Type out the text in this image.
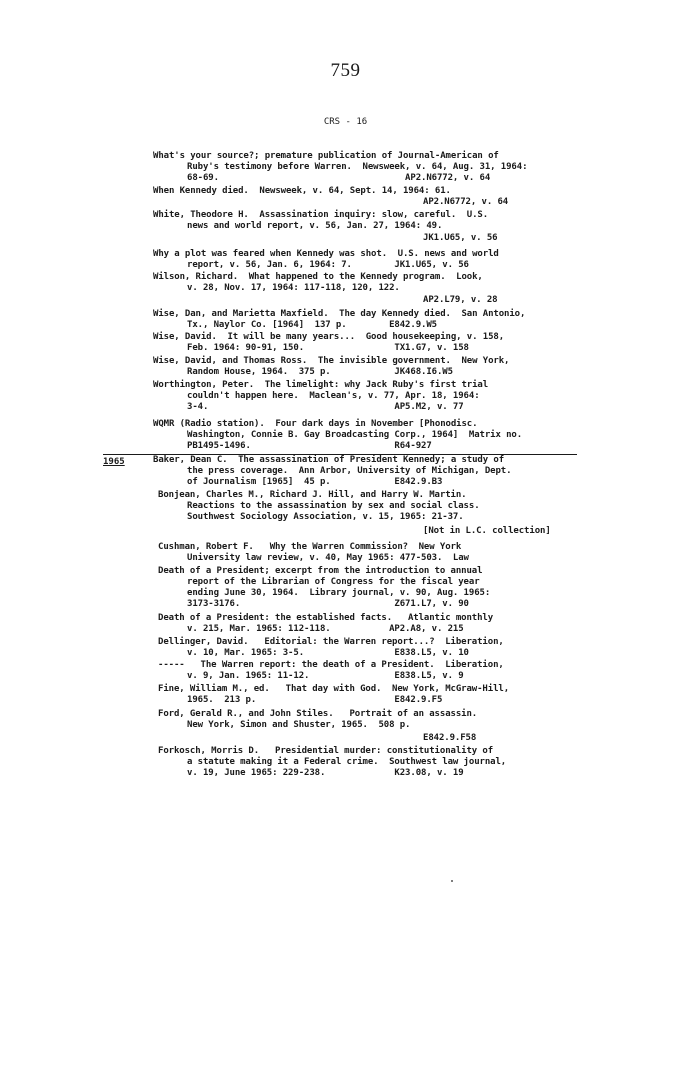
759
CRS - 16
1965
What's your source?; premature publication of Journal-American of
Ruby's testimony before Warren.  Newsweek, v. 64, Aug. 31, 1964:
68-69.                                   AP2.N6772, v. 64
When Kennedy died.  Newsweek, v. 64, Sept. 14, 1964: 61.
AP2.N6772, v. 64
White, Theodore H.  Assassination inquiry: slow, careful.  U.S.
news and world report, v. 56, Jan. 27, 1964: 49.
JK1.U65, v. 56
Why a plot was feared when Kennedy was shot.  U.S. news and world
report, v. 56, Jan. 6, 1964: 7.        JK1.U65, v. 56
Wilson, Richard.  What happened to the Kennedy program.  Look,
v. 28, Nov. 17, 1964: 117-118, 120, 122.
AP2.L79, v. 28
Wise, Dan, and Marietta Maxfield.  The day Kennedy died.  San Antonio,
Tx., Naylor Co. [1964]  137 p.        E842.9.W5
Wise, David.  It will be many years...  Good housekeeping, v. 158,
Feb. 1964: 90-91, 150.                 TX1.G7, v. 158
Wise, David, and Thomas Ross.  The invisible government.  New York,
Random House, 1964.  375 p.            JK468.I6.W5
Worthington, Peter.  The limelight: why Jack Ruby's first trial
couldn't happen here.  Maclean's, v. 77, Apr. 18, 1964:
3-4.                                   AP5.M2, v. 77
WQMR (Radio station).  Four dark days in November [Phonodisc.
Washington, Connie B. Gay Broadcasting Corp., 1964]  Matrix no.
PB1495-1496.                           R64-927
Baker, Dean C.  The assassination of President Kennedy; a study of
the press coverage.  Ann Arbor, University of Michigan, Dept.
of Journalism [1965]  45 p.            E842.9.B3
Bonjean, Charles M., Richard J. Hill, and Harry W. Martin.
Reactions to the assassination by sex and social class.
Southwest Sociology Association, v. 15, 1965: 21-37.
[Not in L.C. collection]
Cushman, Robert F.   Why the Warren Commission?  New York
University law review, v. 40, May 1965: 477-503.  Law
Death of a President; excerpt from the introduction to annual
report of the Librarian of Congress for the fiscal year
ending June 30, 1964.  Library journal, v. 90, Aug. 1965:
3173-3176.                             Z671.L7, v. 90
Death of a President: the established facts.   Atlantic monthly
v. 215, Mar. 1965: 112-118.           AP2.A8, v. 215
Dellinger, David.   Editorial: the Warren report...?  Liberation,
v. 10, Mar. 1965: 3-5.                 E838.L5, v. 10
-----   The Warren report: the death of a President.  Liberation,
v. 9, Jan. 1965: 11-12.                E838.L5, v. 9
Fine, William M., ed.   That day with God.  New York, McGraw-Hill,
1965.  213 p.                          E842.9.F5
Ford, Gerald R., and John Stiles.   Portrait of an assassin.
New York, Simon and Shuster, 1965.  508 p.
E842.9.F58
Forkosch, Morris D.   Presidential murder: constitutionality of
a statute making it a Federal crime.  Southwest law journal,
v. 19, June 1965: 229-238.             K23.08, v. 19
